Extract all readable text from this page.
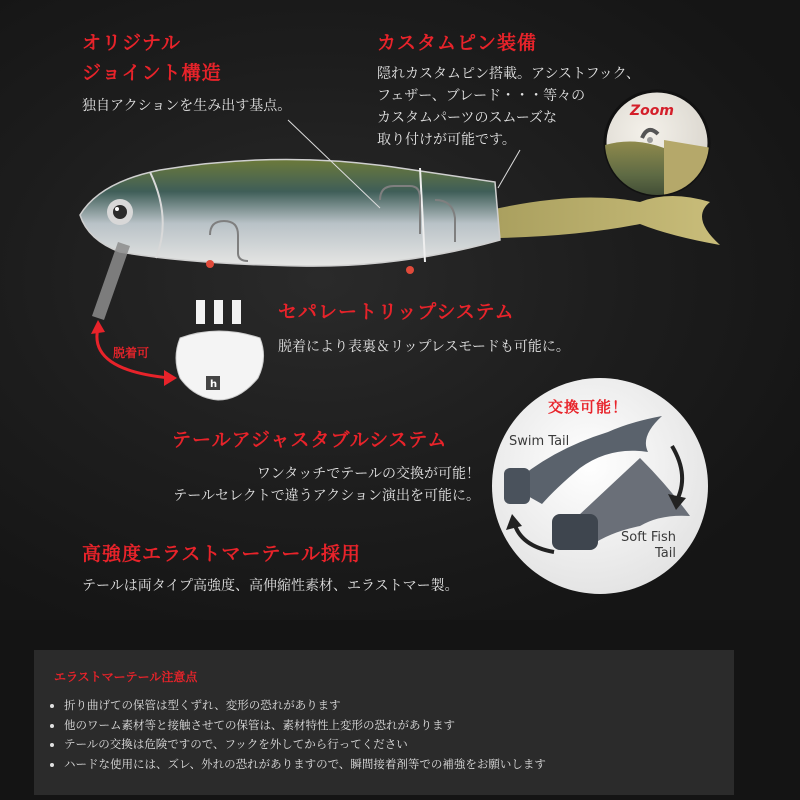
オリジナル
ジョイント構造
独自アクションを生み出す基点。
カスタムピン装備
隠れカスタムピン搭載。アシストフック、
フェザー、ブレード・・・等々の
カスタムパーツのスムーズな
取り付けが可能です。
Zoom
h
脱着可
セパレートリップシステム
脱着により表裏＆リップレスモードも可能に。
テールアジャスタブルシステム
ワンタッチでテールの交換が可能！
テールセレクトで違うアクション演出を可能に。
交換可能！
Swim Tail
Soft Fish
Tail
高強度エラストマーテール採用
テールは両タイプ高強度、高伸縮性素材、エラストマー製。
エラストマーテール注意点
• 折り曲げての保管は型くずれ、変形の恐れがあります
• 他のワーム素材等と接触させての保管は、素材特性上変形の恐れがあります
• テールの交換は危険ですので、フックを外してから行ってください
• ハードな使用には、ズレ、外れの恐れがありますので、瞬間接着剤等での補強をお願いします
